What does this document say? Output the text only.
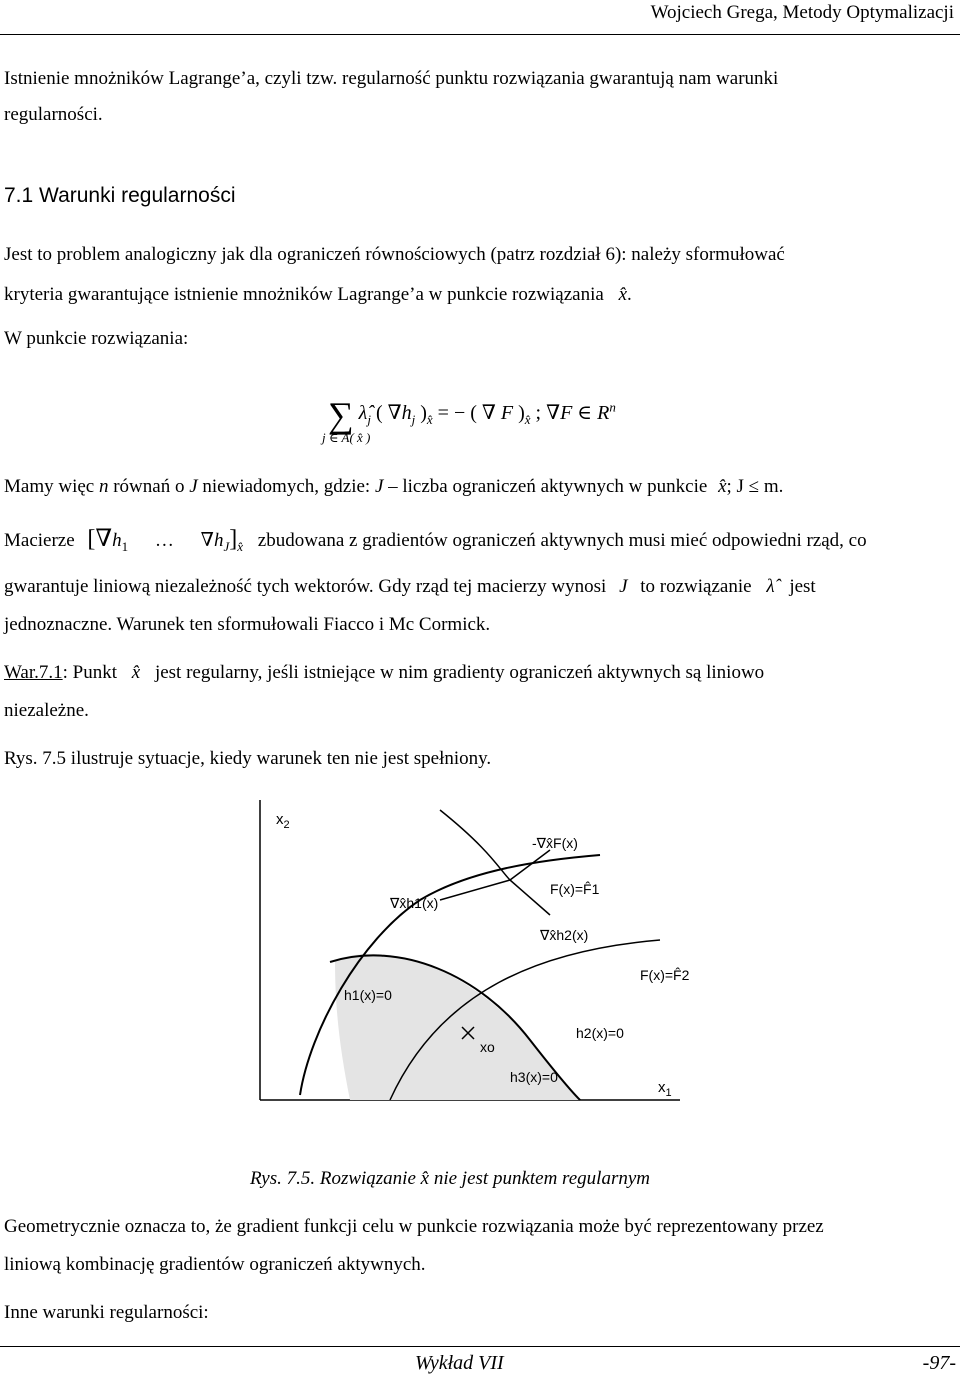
Wojciech Grega, Metody Optymalizacji
Istnienie mnożników Lagrange’a, czyli tzw. regularność punktu rozwiązania gwarantują nam warunki
regularności.
7.1 Warunki regularności
Jest to problem analogiczny jak dla ograniczeń równościowych (patrz rozdział 6): należy sformułować
kryteria gwarantujące istnienie mnożników Lagrange’a w punkcie rozwiązania x̂.
W punkcie rozwiązania:
∑ $\lambdâ_j$ ( $\nabla h_j$ )$_{x̂}$ = − ( ∇ F )$_{x̂}$ ; ∇F ∈ $R^n$
j ∈ A( x̂ )
Mamy więc n równań o J niewiadomych, gdzie: J – liczba ograniczeń aktywnych w punkcie x̂; J ≤ m.
Macierze [$\nabla h_1$ … $\nabla h_J]_{x̂}$ zbudowana z gradientów ograniczeń aktywnych musi mieć odpowiedni rząd, co
gwarantuje liniową niezależność tych wektorów. Gdy rząd tej macierzy wynosi J to rozwiązanie λ̂ jest
jednoznaczne. Warunek ten sformułowali Fiacco i Mc Cormick.
War.7.1: Punkt x̂ jest regularny, jeśli istniejące w nim gradienty ograniczeń aktywnych są liniowo
niezależne.
Rys. 7.5 ilustruje sytuacje, kiedy warunek ten nie jest spełniony.
$x_2$
$x_1$
-∇x̂F(x)
F(x)=F̂1
∇x̂h1(x)
∇x̂h2(x)
F(x)=F̂2
h1(x)=0
h2(x)=0
xo
h3(x)=0
Rys. 7.5. Rozwiązanie x̂ nie jest punktem regularnym
Geometrycznie oznacza to, że gradient funkcji celu w punkcie rozwiązania może być reprezentowany przez
liniową kombinację gradientów ograniczeń aktywnych.
Inne warunki regularności:
Wykład VII	-97-
